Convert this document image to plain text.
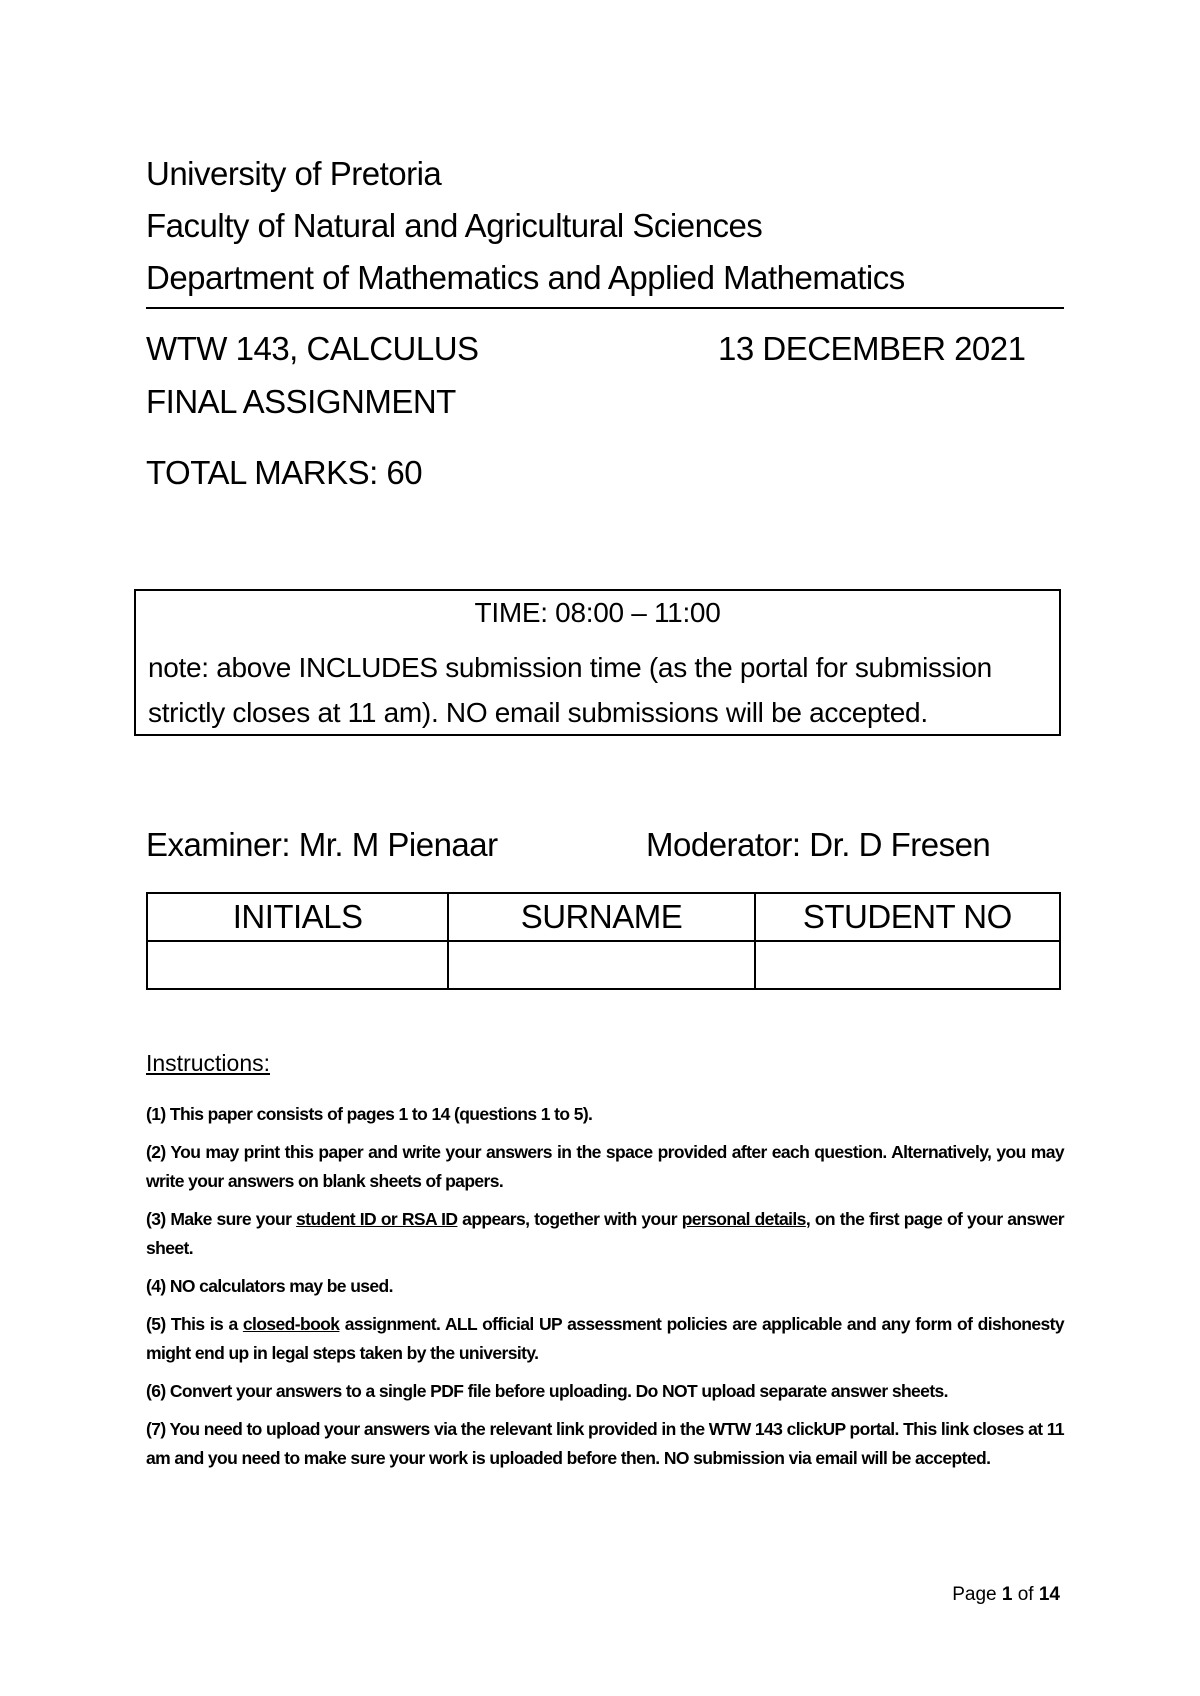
University of Pretoria
Faculty of Natural and Agricultural Sciences
Department of Mathematics and Applied Mathematics
WTW 143, CALCULUS	13 DECEMBER 2021
FINAL ASSIGNMENT
TOTAL MARKS: 60
TIME: 08:00 – 11:00
note: above INCLUDES submission time (as the portal for submission strictly closes at 11 am). NO email submissions will be accepted.
Examiner: Mr. M Pienaar	Moderator: Dr. D Fresen
INITIALS	SURNAME	STUDENT NO

Instructions:
(1) This paper consists of pages 1 to 14 (questions 1 to 5).
(2) You may print this paper and write your answers in the space provided after each question. Alternatively, you may write your answers on blank sheets of papers.
(3) Make sure your student ID or RSA ID appears, together with your personal details, on the first page of your answer sheet.
(4) NO calculators may be used.
(5) This is a closed-book assignment. ALL official UP assessment policies are applicable and any form of dishonesty might end up in legal steps taken by the university.
(6) Convert your answers to a single PDF file before uploading. Do NOT upload separate answer sheets.
(7) You need to upload your answers via the relevant link provided in the WTW 143 clickUP portal. This link closes at 11 am and you need to make sure your work is uploaded before then. NO submission via email will be accepted.
Page 1 of 14
